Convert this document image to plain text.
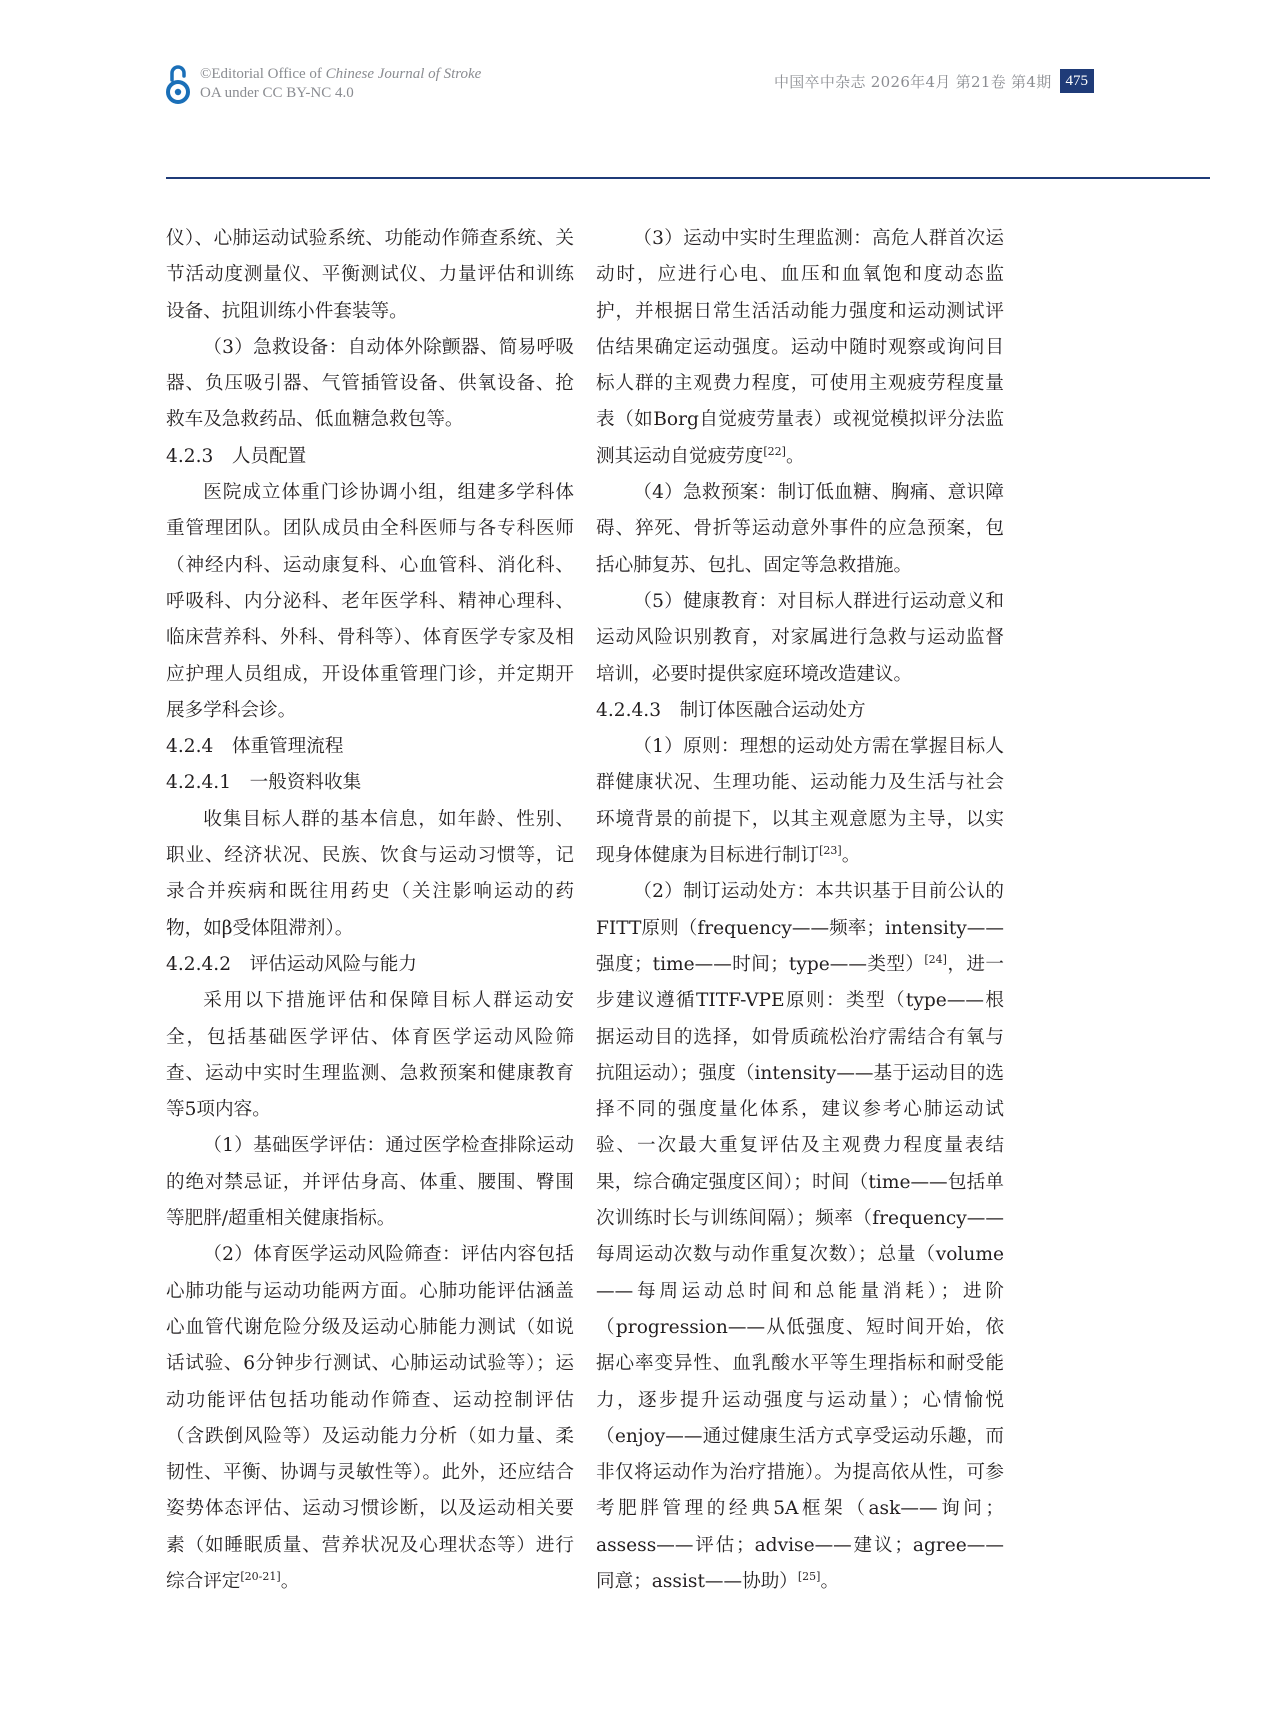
©Editorial Office of Chinese Journal of Stroke
OA under CC BY-NC 4.0
中国卒中杂志 2026年4月 第21卷 第4期 475

仪）、心肺运动试验系统、功能动作筛查系统、关节活动度测量仪、平衡测试仪、力量评估和训练设备、抗阻训练小件套装等。

（3）急救设备：自动体外除颤器、简易呼吸器、负压吸引器、气管插管设备、供氧设备、抢救车及急救药品、低血糖急救包等。

4.2.3　人员配置

医院成立体重门诊协调小组，组建多学科体重管理团队。团队成员由全科医师与各专科医师（神经内科、运动康复科、心血管科、消化科、呼吸科、内分泌科、老年医学科、精神心理科、临床营养科、外科、骨科等）、体育医学专家及相应护理人员组成，开设体重管理门诊，并定期开展多学科会诊。

4.2.4　体重管理流程

4.2.4.1　一般资料收集

收集目标人群的基本信息，如年龄、性别、职业、经济状况、民族、饮食与运动习惯等，记录合并疾病和既往用药史（关注影响运动的药物，如β受体阻滞剂）。

4.2.4.2　评估运动风险与能力

采用以下措施评估和保障目标人群运动安全，包括基础医学评估、体育医学运动风险筛查、运动中实时生理监测、急救预案和健康教育等5项内容。

（1）基础医学评估：通过医学检查排除运动的绝对禁忌证，并评估身高、体重、腰围、臀围等肥胖/超重相关健康指标。

（2）体育医学运动风险筛查：评估内容包括心肺功能与运动功能两方面。心肺功能评估涵盖心血管代谢危险分级及运动心肺能力测试（如说话试验、6分钟步行测试、心肺运动试验等）；运动功能评估包括功能动作筛查、运动控制评估（含跌倒风险等）及运动能力分析（如力量、柔韧性、平衡、协调与灵敏性等）。此外，还应结合姿势体态评估、运动习惯诊断，以及运动相关要素（如睡眠质量、营养状况及心理状态等）进行综合评定[20-21]。

（3）运动中实时生理监测：高危人群首次运动时，应进行心电、血压和血氧饱和度动态监护，并根据日常生活活动能力强度和运动测试评估结果确定运动强度。运动中随时观察或询问目标人群的主观费力程度，可使用主观疲劳程度量表（如Borg自觉疲劳量表）或视觉模拟评分法监测其运动自觉疲劳度[22]。

（4）急救预案：制订低血糖、胸痛、意识障碍、猝死、骨折等运动意外事件的应急预案，包括心肺复苏、包扎、固定等急救措施。

（5）健康教育：对目标人群进行运动意义和运动风险识别教育，对家属进行急救与运动监督培训，必要时提供家庭环境改造建议。

4.2.4.3　制订体医融合运动处方

（1）原则：理想的运动处方需在掌握目标人群健康状况、生理功能、运动能力及生活与社会环境背景的前提下，以其主观意愿为主导，以实现身体健康为目标进行制订[23]。

（2）制订运动处方：本共识基于目前公认的FITT原则（frequency——频率；intensity——强度；time——时间；type——类型）[24]，进一步建议遵循TITF-VPE原则：类型（type——根据运动目的选择，如骨质疏松治疗需结合有氧与抗阻运动）；强度（intensity——基于运动目的选择不同的强度量化体系，建议参考心肺运动试验、一次最大重复评估及主观费力程度量表结果，综合确定强度区间）；时间（time——包括单次训练时长与训练间隔）；频率（frequency——每周运动次数与动作重复次数）；总量（volume——每周运动总时间和总能量消耗）；进阶（progression——从低强度、短时间开始，依据心率变异性、血乳酸水平等生理指标和耐受能力，逐步提升运动强度与运动量）；心情愉悦（enjoy——通过健康生活方式享受运动乐趣，而非仅将运动作为治疗措施）。为提高依从性，可参考肥胖管理的经典5A框架（ask——询问；assess——评估；advise——建议；agree——同意；assist——协助）[25]。
